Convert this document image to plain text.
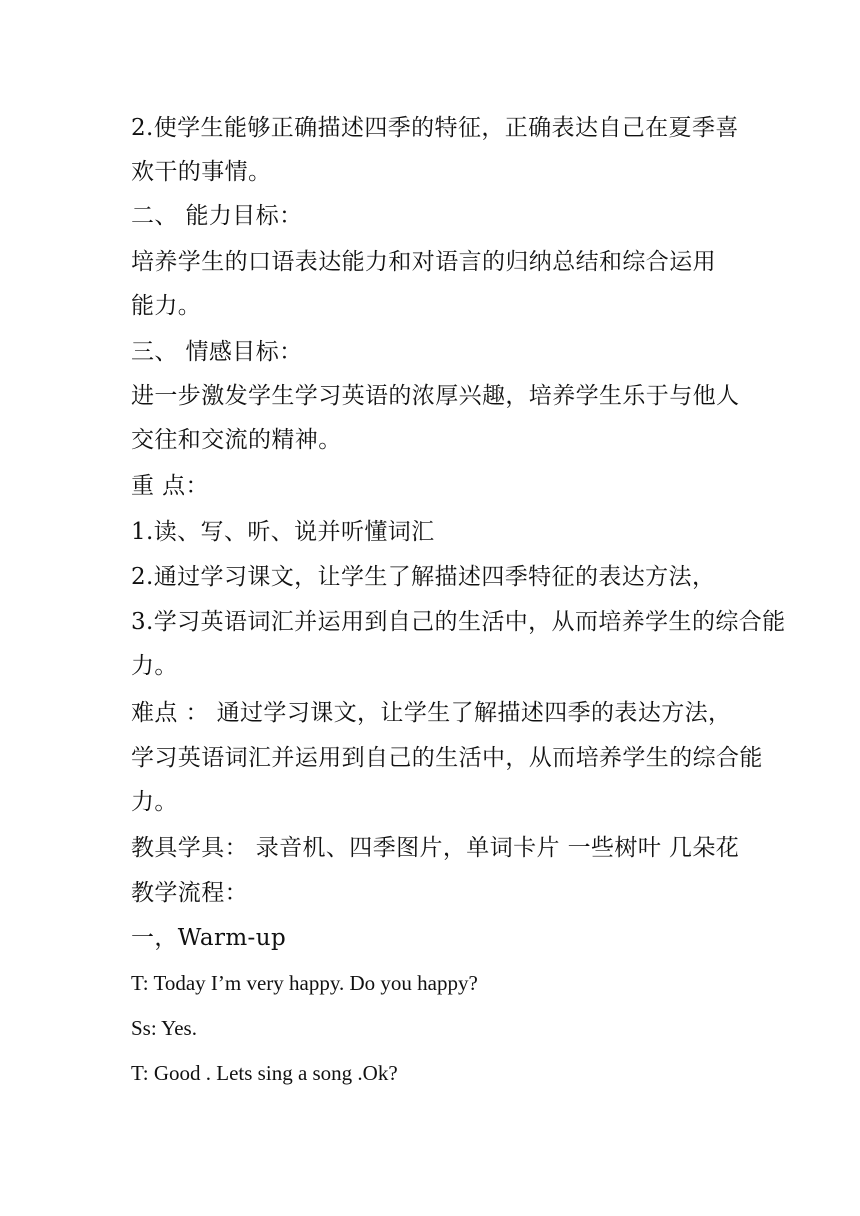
2.使学生能够正确描述四季的特征，正确表达自己在夏季喜
欢干的事情。
二、 能力目标：
培养学生的口语表达能力和对语言的归纳总结和综合运用
能力。
三、 情感目标：
进一步激发学生学习英语的浓厚兴趣，培养学生乐于与他人
交往和交流的精神。
重 点：
1.读、写、听、说并听懂词汇
2.通过学习课文，让学生了解描述四季特征的表达方法，
3.学习英语词汇并运用到自己的生活中，从而培养学生的综合能
力。
难点 ： 通过学习课文，让学生了解描述四季的表达方法，
学习英语词汇并运用到自己的生活中，从而培养学生的综合能
力。
教具学具： 录音机、四季图片，单词卡片 一些树叶 几朵花
教学流程：
一，Warm-up
T: Today I’m very happy. Do you happy?
Ss: Yes.
T: Good . Lets sing a song .Ok?
